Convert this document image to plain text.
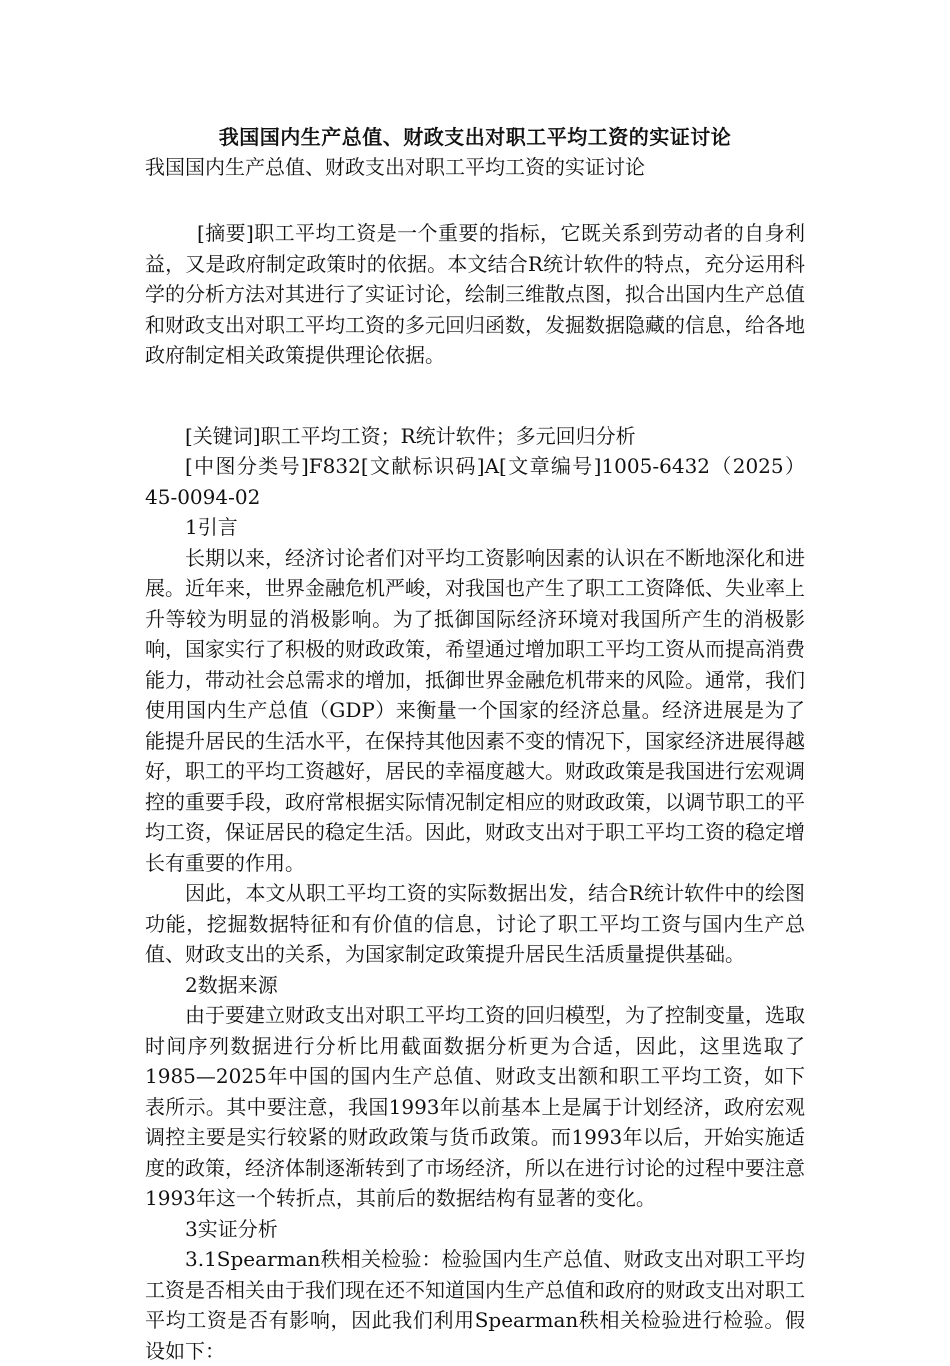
我国国内生产总值、财政支出对职工平均工资的实证讨论

我国国内生产总值、财政支出对职工平均工资的实证讨论

[摘要]职工平均工资是一个重要的指标，它既关系到劳动者的自身利益，又是政府制定政策时的依据。本文结合R统计软件的特点，充分运用科学的分析方法对其进行了实证讨论，绘制三维散点图，拟合出国内生产总值和财政支出对职工平均工资的多元回归函数，发掘数据隐藏的信息，给各地政府制定相关政策提供理论依据。

[关键词]职工平均工资；R统计软件；多元回归分析

[中图分类号]F832[文献标识码]A[文章编号]1005-6432（2025）45-0094-02

1引言

长期以来，经济讨论者们对平均工资影响因素的认识在不断地深化和进展。近年来，世界金融危机严峻，对我国也产生了职工工资降低、失业率上升等较为明显的消极影响。为了抵御国际经济环境对我国所产生的消极影响，国家实行了积极的财政政策，希望通过增加职工平均工资从而提高消费能力，带动社会总需求的增加，抵御世界金融危机带来的风险。通常，我们使用国内生产总值（GDP）来衡量一个国家的经济总量。经济进展是为了能提升居民的生活水平，在保持其他因素不变的情况下，国家经济进展得越好，职工的平均工资越好，居民的幸福度越大。财政政策是我国进行宏观调控的重要手段，政府常根据实际情况制定相应的财政政策，以调节职工的平均工资，保证居民的稳定生活。因此，财政支出对于职工平均工资的稳定增长有重要的作用。

因此，本文从职工平均工资的实际数据出发，结合R统计软件中的绘图功能，挖掘数据特征和有价值的信息，讨论了职工平均工资与国内生产总值、财政支出的关系，为国家制定政策提升居民生活质量提供基础。

2数据来源

由于要建立财政支出对职工平均工资的回归模型，为了控制变量，选取时间序列数据进行分析比用截面数据分析更为合适，因此，这里选取了1985—2025年中国的国内生产总值、财政支出额和职工平均工资，如下表所示。其中要注意，我国1993年以前基本上是属于计划经济，政府宏观调控主要是实行较紧的财政政策与货币政策。而1993年以后，开始实施适度的政策，经济体制逐渐转到了市场经济，所以在进行讨论的过程中要注意1993年这一个转折点，其前后的数据结构有显著的变化。

3实证分析

3.1Spearman秩相关检验：检验国内生产总值、财政支出对职工平均工资是否相关由于我们现在还不知道国内生产总值和政府的财政支出对职工平均工资是否有影响，因此我们利用Spearman秩相关检验进行检验。假设如下：
